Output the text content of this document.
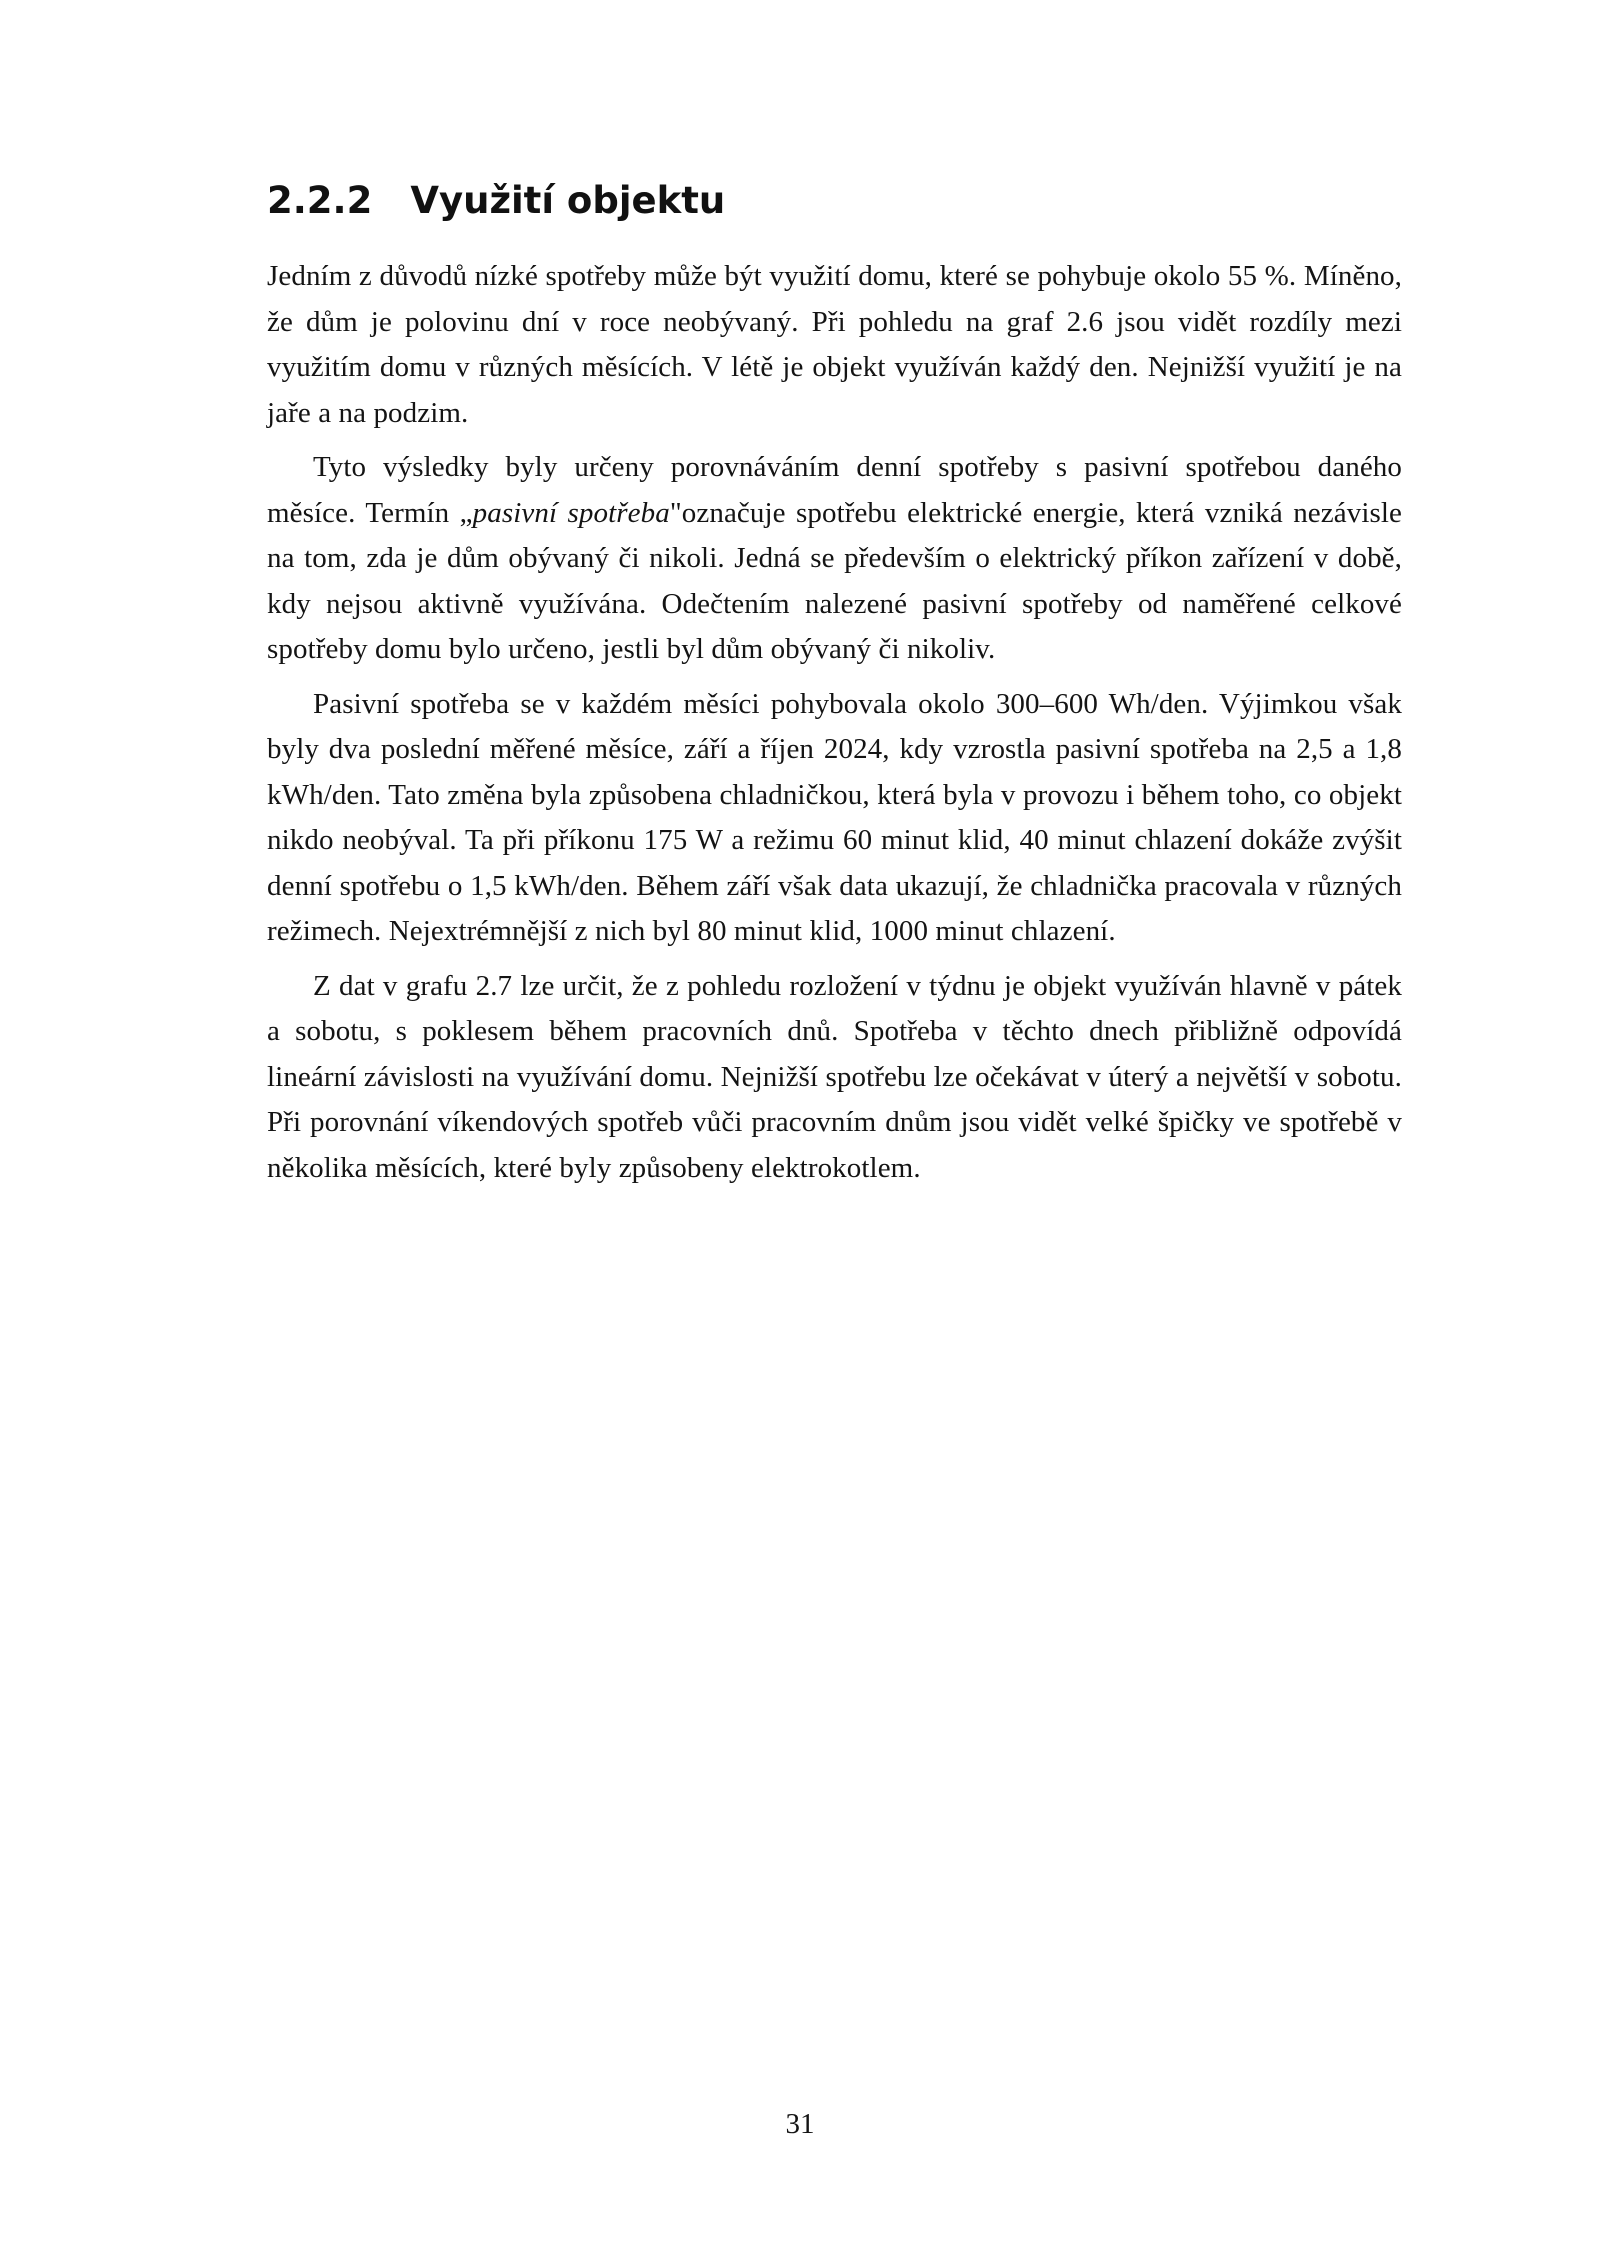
2.2.2 Využití objektu

Jedním z důvodů nízké spotřeby může být využití domu, které se pohybuje okolo 55 %. Míněno, že dům je polovinu dní v roce neobývaný. Při pohledu na graf 2.6 jsou vidět rozdíly mezi využitím domu v různých měsících. V létě je objekt využíván každý den. Nejnižší využití je na jaře a na podzim.

Tyto výsledky byly určeny porovnáváním denní spotřeby s pasivní spotřebou daného měsíce. Termín „pasivní spotřeba"označuje spotřebu elektrické energie, která vzniká nezávisle na tom, zda je dům obývaný či nikoli. Jedná se především o elektrický příkon zařízení v době, kdy nejsou aktivně využívána. Odečtením nalezené pasivní spotřeby od naměřené celkové spotřeby domu bylo určeno, jestli byl dům obývaný či nikoliv.

Pasivní spotřeba se v každém měsíci pohybovala okolo 300–600 Wh/den. Výjimkou však byly dva poslední měřené měsíce, září a říjen 2024, kdy vzrostla pasivní spotřeba na 2,5 a 1,8 kWh/den. Tato změna byla způsobena chladničkou, která byla v provozu i během toho, co objekt nikdo neobýval. Ta při příkonu 175 W a režimu 60 minut klid, 40 minut chlazení dokáže zvýšit denní spotřebu o 1,5 kWh/den. Během září však data ukazují, že chladnička pracovala v různých režimech. Nejextrémnější z nich byl 80 minut klid, 1000 minut chlazení.

Z dat v grafu 2.7 lze určit, že z pohledu rozložení v týdnu je objekt využíván hlavně v pátek a sobotu, s poklesem během pracovních dnů. Spotřeba v těchto dnech přibližně odpovídá lineární závislosti na využívání domu. Nejnižší spotřebu lze očekávat v úterý a největší v sobotu. Při porovnání víkendových spotřeb vůči pracovním dnům jsou vidět velké špičky ve spotřebě v několika měsících, které byly způsobeny elektrokotlem.

31
